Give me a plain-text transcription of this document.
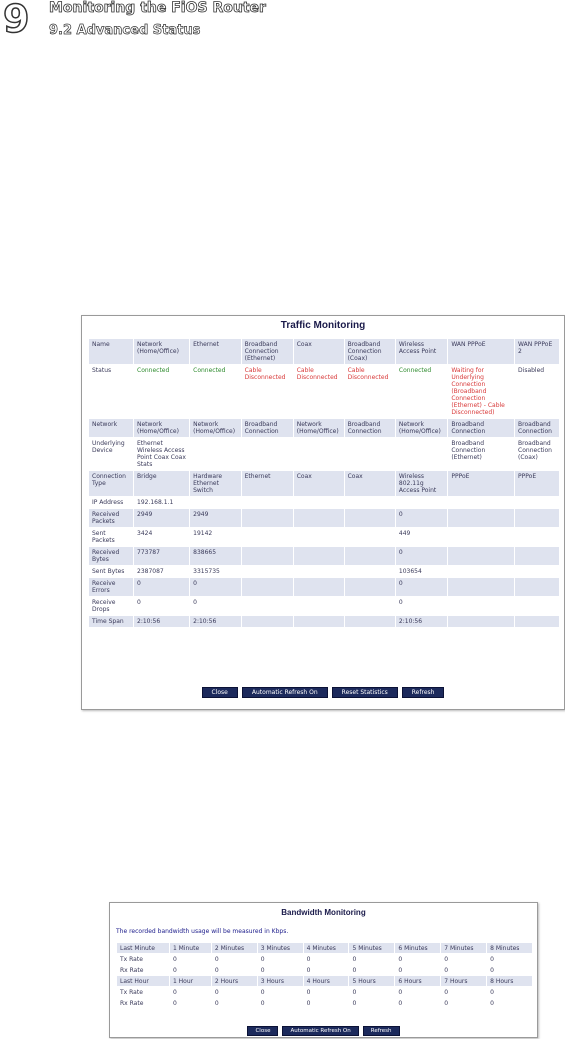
9 Monitoring the FiOS Router
9.2 Advanced Status
Traffic Monitoring
Name	Network (Home/Office)	Ethernet	Broadband Connection (Ethernet)	Coax	Broadband Connection (Coax)	Wireless Access Point	WAN PPPoE	WAN PPPoE 2
Status	Connected	Connected	Cable Disconnected	Cable Disconnected	Cable Disconnected	Connected	Waiting for Underlying Connection (Broadband Connection (Ethernet) - Cable Disconnected)	Disabled
Network	Network (Home/Office)	Network (Home/Office)	Broadband Connection	Network (Home/Office)	Broadband Connection	Network (Home/Office)	Broadband Connection	Broadband Connection
Underlying Device	Ethernet Wireless Access Point Coax Coax Stats						Broadband Connection (Ethernet)	Broadband Connection (Coax)
Connection Type	Bridge	Hardware Ethernet Switch	Ethernet	Coax	Coax	Wireless 802.11g Access Point	PPPoE	PPPoE
IP Address	192.168.1.1							
Received Packets	2949	2949				0		
Sent Packets	3424	19142				449		
Received Bytes	773787	838665				0		
Sent Bytes	2387087	3315735				103654		
Receive Errors	0	0				0		
Receive Drops	0	0				0		
Time Span	2:10:56	2:10:56				2:10:56		
Close	Automatic Refresh On	Reset Statistics	Refresh
Bandwidth Monitoring
The recorded bandwidth usage will be measured in Kbps.
Last Minute	1 Minute	2 Minutes	3 Minutes	4 Minutes	5 Minutes	6 Minutes	7 Minutes	8 Minutes
Tx Rate	0	0	0	0	0	0	0	0
Rx Rate	0	0	0	0	0	0	0	0
Last Hour	1 Hour	2 Hours	3 Hours	4 Hours	5 Hours	6 Hours	7 Hours	8 Hours
Tx Rate	0	0	0	0	0	0	0	0
Rx Rate	0	0	0	0	0	0	0	0
Close	Automatic Refresh On	Refresh
